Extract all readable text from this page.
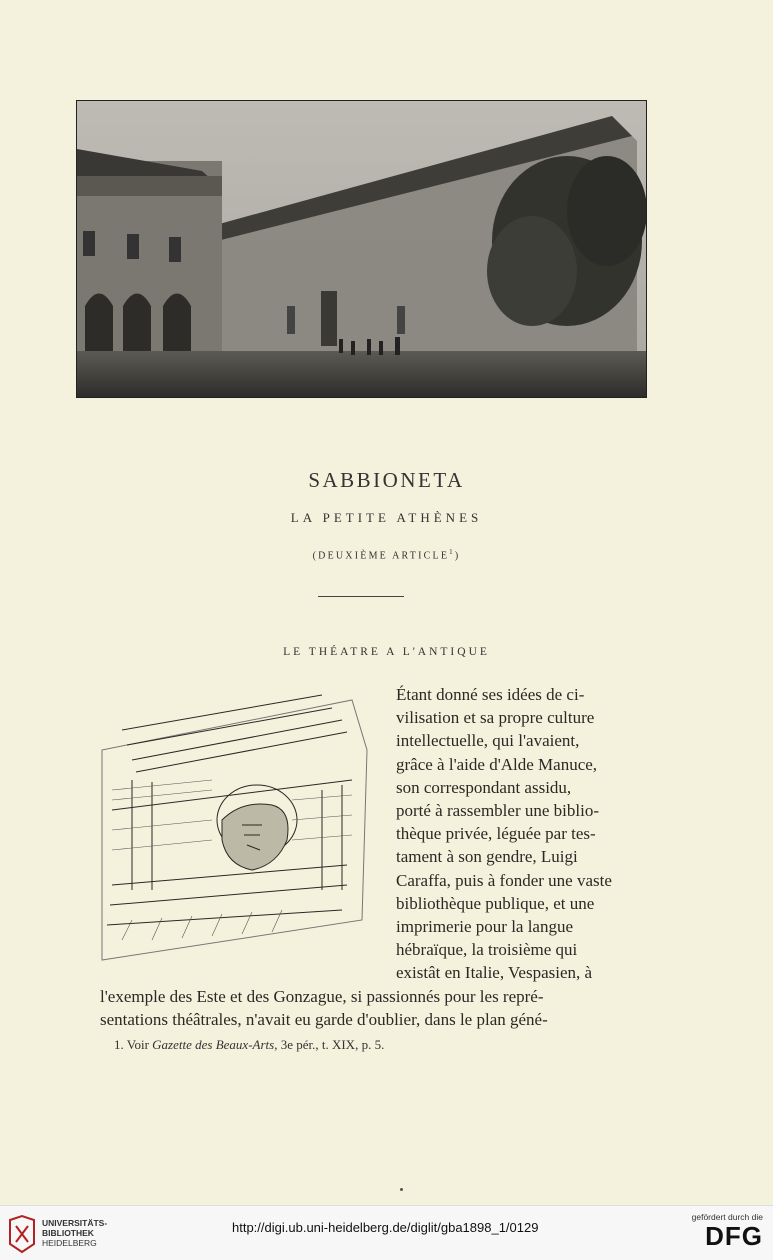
SABBIONETA
LA PETITE ATHÈNES
(DEUXIÈME ARTICLE$^1$)
LE THÉATRE A L'ANTIQUE
Étant donné ses idées de ci-
vilisation et sa propre culture
intellectuelle, qui l'avaient,
grâce à l'aide d'Alde Manuce,
son correspondant assidu,
porté à rassembler une biblio-
thèque privée, léguée par tes-
tament à son gendre, Luigi
Caraffa, puis à fonder une vaste
bibliothèque publique, et une
imprimerie pour la langue
hébraïque, la troisième qui
existât en Italie, Vespasien, à
l'exemple des Este et des Gonzague, si passionnés pour les repré-
sentations théâtrales, n'avait eu garde d'oublier, dans le plan géné-
1. Voir Gazette des Beaux-Arts, 3e pér., t. XIX, p. 5.
UNIVERSITÄTS-
BIBLIOTHEK
HEIDELBERG
http://digi.ub.uni-heidelberg.de/diglit/gba1898_1/0129
gefördert durch die
DFG
